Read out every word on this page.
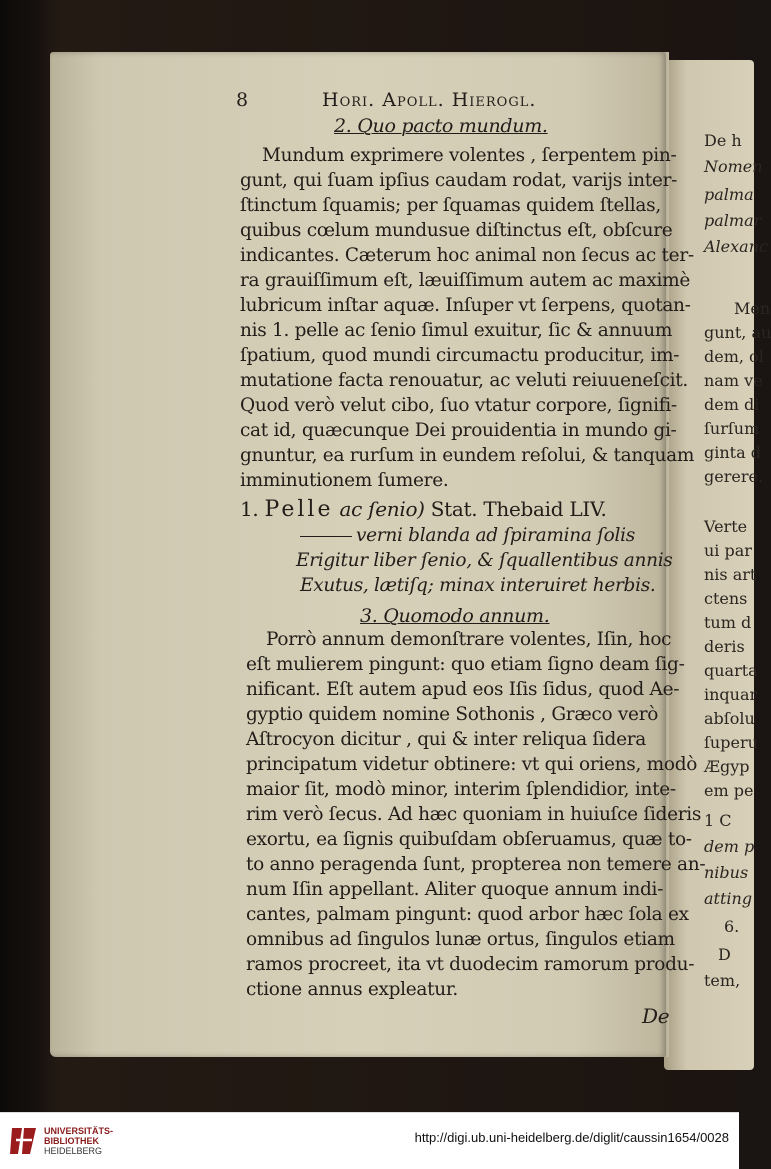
De h
Nomen
palma
palmar
Alexanc
Men
gunt, au
dem, ol
nam ve
dem di
ſurſum
ginta d
gerere.
Verte
ui par
nis art
ctens
tum d
deris
quarta
inquar
abſolu
ſuperu
Ægyp
em pe
1 C
dem p
nibus
atting
6.
D
tem,
8	Hori. Apoll. Hierogl.
2. Quo pacto mundum.
Mundum exprimere volentes , ſerpentem pin-
gunt, qui ſuam ipſius caudam rodat, varijs inter-
ſtinctum ſquamis; per ſquamas quidem ſtellas,
quibus cœlum mundusue diſtinctus eſt, obſcure
indicantes. Cæterum hoc animal non ſecus ac ter-
ra grauiſſimum eſt, læuiſſimum autem ac maximè
lubricum inſtar aquæ. Inſuper vt ſerpens, quotan-
nis 1. pelle ac ſenio ſimul exuitur, ſic & annuum
ſpatium, quod mundi circumactu producitur, im-
mutatione facta renouatur, ac veluti reiuueneſcit.
Quod verò velut cibo, ſuo vtatur corpore, ſignifi-
cat id, quæcunque Dei prouidentia in mundo gi-
gnuntur, ea rurſum in eundem reſolui, & tanquam
imminutionem ſumere.
1. Pelle ac ſenio) Stat. Thebaid LIV.
verni blanda ad ſpiramina ſolis
Erigitur liber ſenio, & ſquallentibus annis
Exutus, lætiſq; minax interuiret herbis.
3. Quomodo annum.
Porrò annum demonſtrare volentes, Iſin, hoc
eſt mulierem pingunt: quo etiam ſigno deam ſig-
nificant. Eſt autem apud eos Iſis ſidus, quod Ae-
gyptio quidem nomine Sothonis , Græco verò
Aſtrocyon dicitur , qui & inter reliqua ſidera
principatum videtur obtinere: vt qui oriens, modò
maior ſit, modò minor, interim ſplendidior, inte-
rim verò ſecus. Ad hæc quoniam in huiuſce ſideris
exortu, ea ſignis quibuſdam obſeruamus, quæ to-
to anno peragenda ſunt, propterea non temere an-
num Iſin appellant. Aliter quoque annum indi-
cantes, palmam pingunt: quod arbor hæc ſola ex
omnibus ad ſingulos lunæ ortus, ſingulos etiam
ramos procreet, ita vt duodecim ramorum produ-
ctione annus expleatur.
De
UNIVERSITÄTS-
BIBLIOTHEK
HEIDELBERG
http://digi.ub.uni-heidelberg.de/diglit/caussin1654/0028
